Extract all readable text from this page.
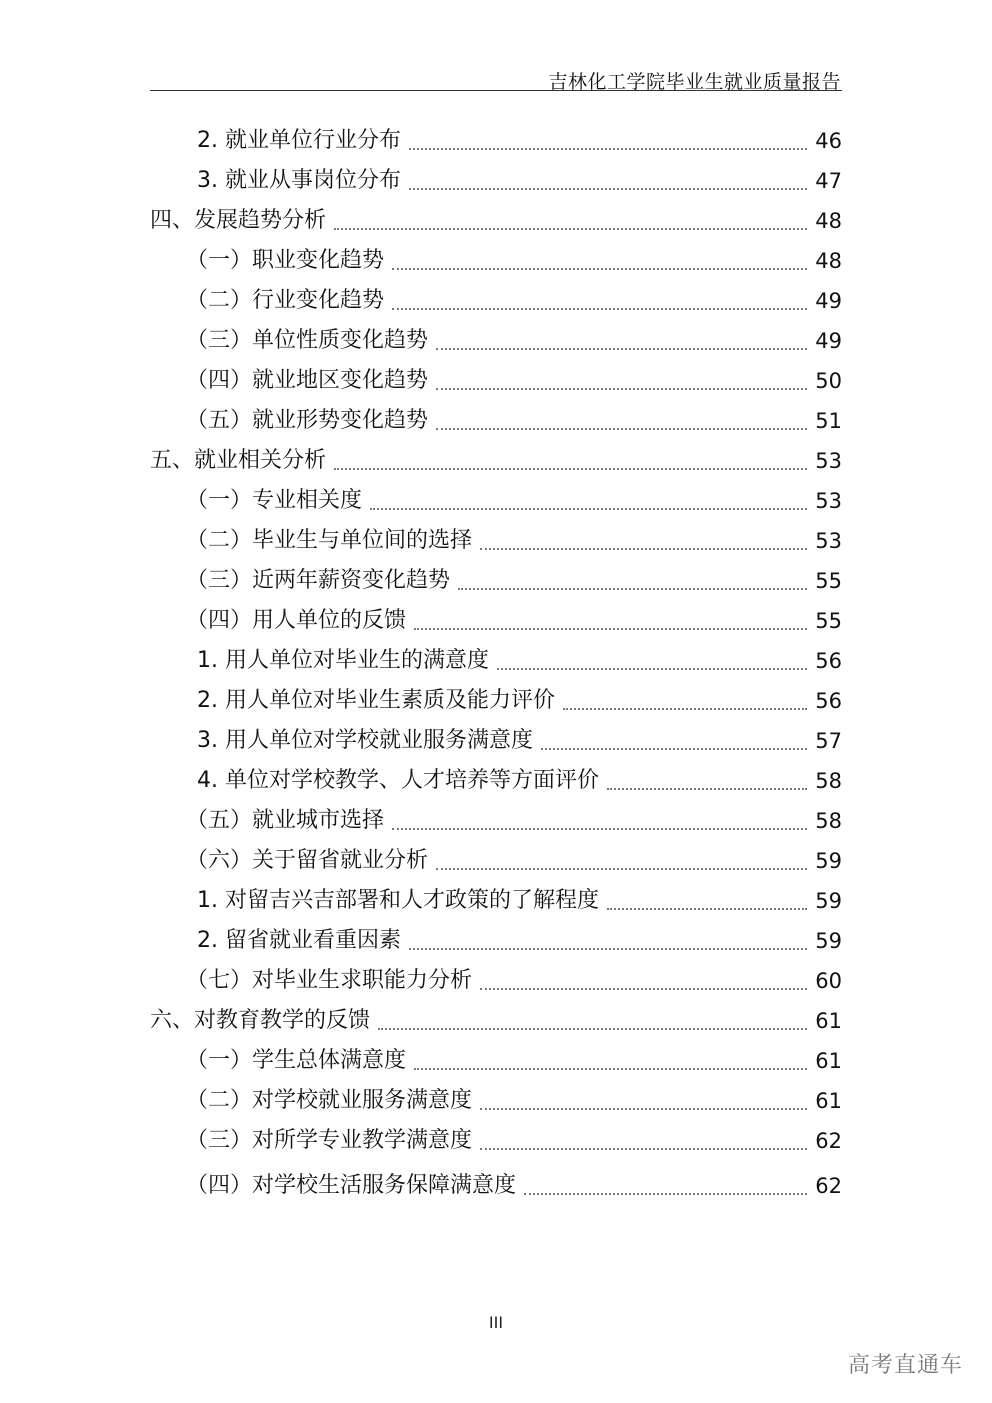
吉林化工学院毕业生就业质量报告
2. 就业单位行业分布	46
3. 就业从事岗位分布	47
四、发展趋势分析	48
（一）职业变化趋势	48
（二）行业变化趋势	49
（三）单位性质变化趋势	49
（四）就业地区变化趋势	50
（五）就业形势变化趋势	51
五、就业相关分析	53
（一）专业相关度	53
（二）毕业生与单位间的选择	53
（三）近两年薪资变化趋势	55
（四）用人单位的反馈	55
1. 用人单位对毕业生的满意度	56
2. 用人单位对毕业生素质及能力评价	56
3. 用人单位对学校就业服务满意度	57
4. 单位对学校教学、人才培养等方面评价	58
（五）就业城市选择	58
（六）关于留省就业分析	59
1. 对留吉兴吉部署和人才政策的了解程度	59
2. 留省就业看重因素	59
（七）对毕业生求职能力分析	60
六、对教育教学的反馈	61
（一）学生总体满意度	61
（二）对学校就业服务满意度	61
（三）对所学专业教学满意度	62
（四）对学校生活服务保障满意度	62
III
高考直通车
